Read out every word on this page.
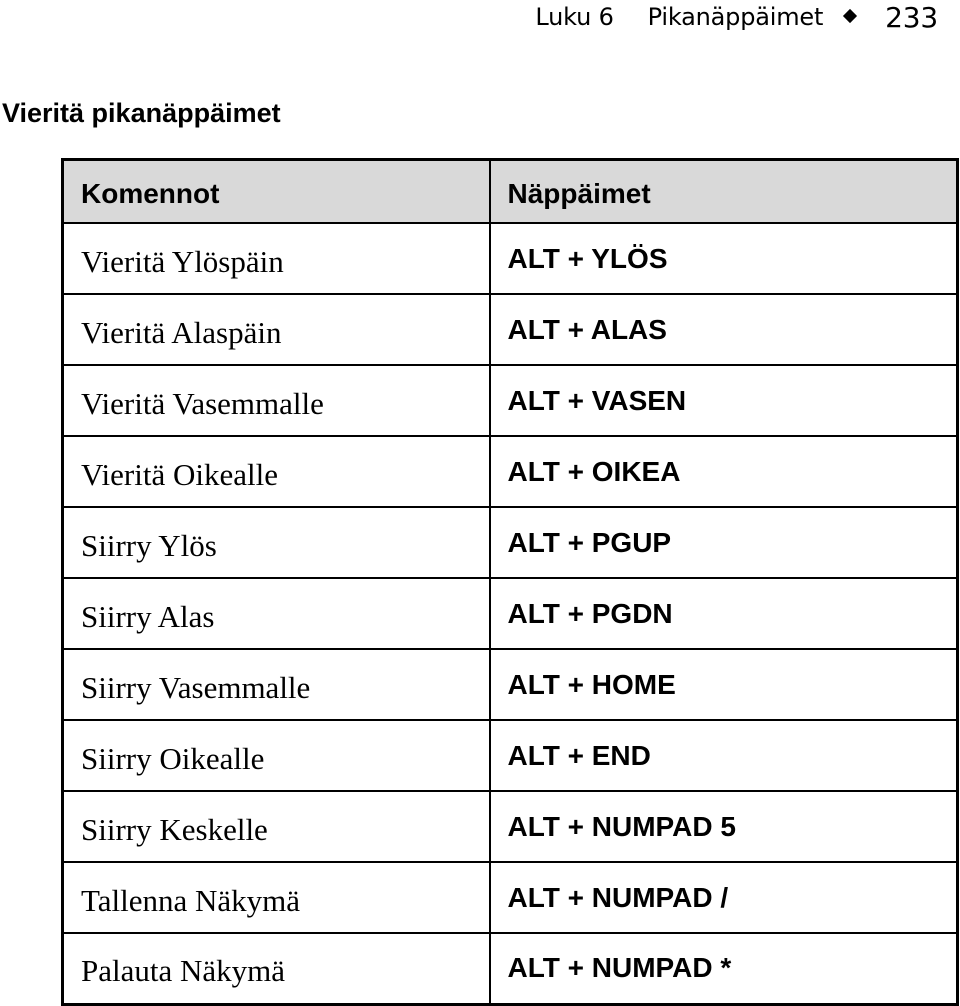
Luku 6 Pikanäppäimet 233
Vieritä pikanäppäimet
Komennot	Näppäimet
Vieritä Ylöspäin	ALT + YLÖS
Vieritä Alaspäin	ALT + ALAS
Vieritä Vasemmalle	ALT + VASEN
Vieritä Oikealle	ALT + OIKEA
Siirry Ylös	ALT + PGUP
Siirry Alas	ALT + PGDN
Siirry Vasemmalle	ALT + HOME
Siirry Oikealle	ALT + END
Siirry Keskelle	ALT + NUMPAD 5
Tallenna Näkymä	ALT + NUMPAD /
Palauta Näkymä	ALT + NUMPAD *
